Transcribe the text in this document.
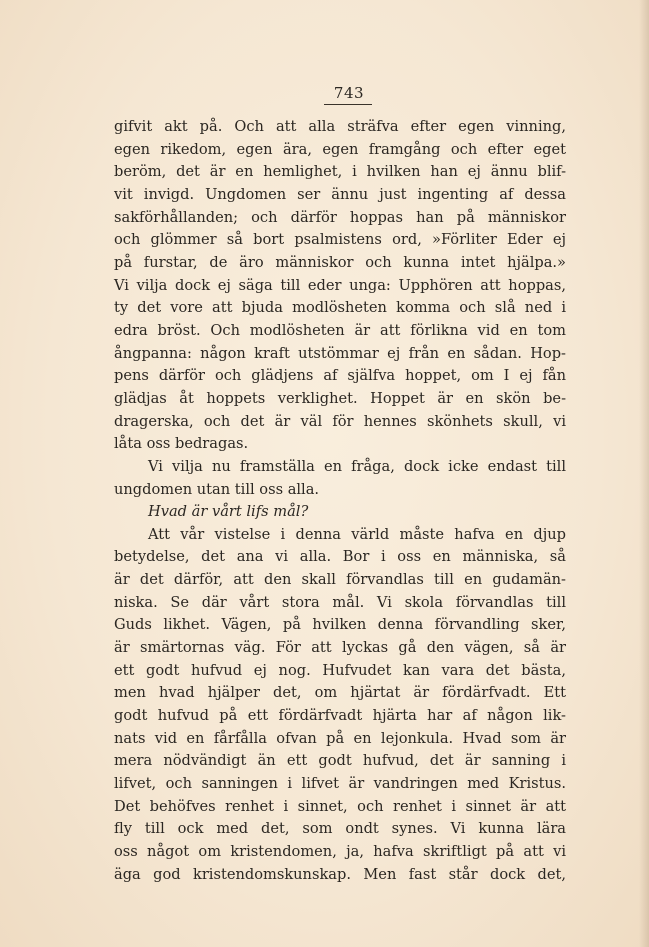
743
gifvit akt på. Och att alla sträfva efter egen vinning,
egen rikedom, egen ära, egen framgång och efter eget
beröm, det är en hemlighet, i hvilken han ej ännu blif-
vit invigd. Ungdomen ser ännu just ingenting af dessa
sakförhållanden; och därför hoppas han på människor
och glömmer så bort psalmistens ord, »Förliter Eder ej
på furstar, de äro människor och kunna intet hjälpa.»
Vi vilja dock ej säga till eder unga: Upphören att hoppas,
ty det vore att bjuda modlösheten komma och slå ned i
edra bröst. Och modlösheten är att förlikna vid en tom
ångpanna: någon kraft utstömmar ej från en sådan. Hop-
pens därför och glädjens af själfva hoppet, om I ej fån
glädjas åt hoppets verklighet. Hoppet är en skön be-
dragerska, och det är väl för hennes skönhets skull, vi
låta oss bedragas.
Vi vilja nu framställa en fråga, dock icke endast till
ungdomen utan till oss alla.
Hvad är vårt lifs mål?
Att vår vistelse i denna värld måste hafva en djup
betydelse, det ana vi alla. Bor i oss en människa, så
är det därför, att den skall förvandlas till en gudamän-
niska. Se där vårt stora mål. Vi skola förvandlas till
Guds likhet. Vägen, på hvilken denna förvandling sker,
är smärtornas väg. För att lyckas gå den vägen, så är
ett godt hufvud ej nog. Hufvudet kan vara det bästa,
men hvad hjälper det, om hjärtat är fördärfvadt. Ett
godt hufvud på ett fördärfvadt hjärta har af någon lik-
nats vid en fårfålla ofvan på en lejonkula. Hvad som är
mera nödvändigt än ett godt hufvud, det är sanning i
lifvet, och sanningen i lifvet är vandringen med Kristus.
Det behöfves renhet i sinnet, och renhet i sinnet är att
fly till ock med det, som ondt synes. Vi kunna lära
oss något om kristendomen, ja, hafva skriftligt på att vi
äga god kristendomskunskap. Men fast står dock det,
